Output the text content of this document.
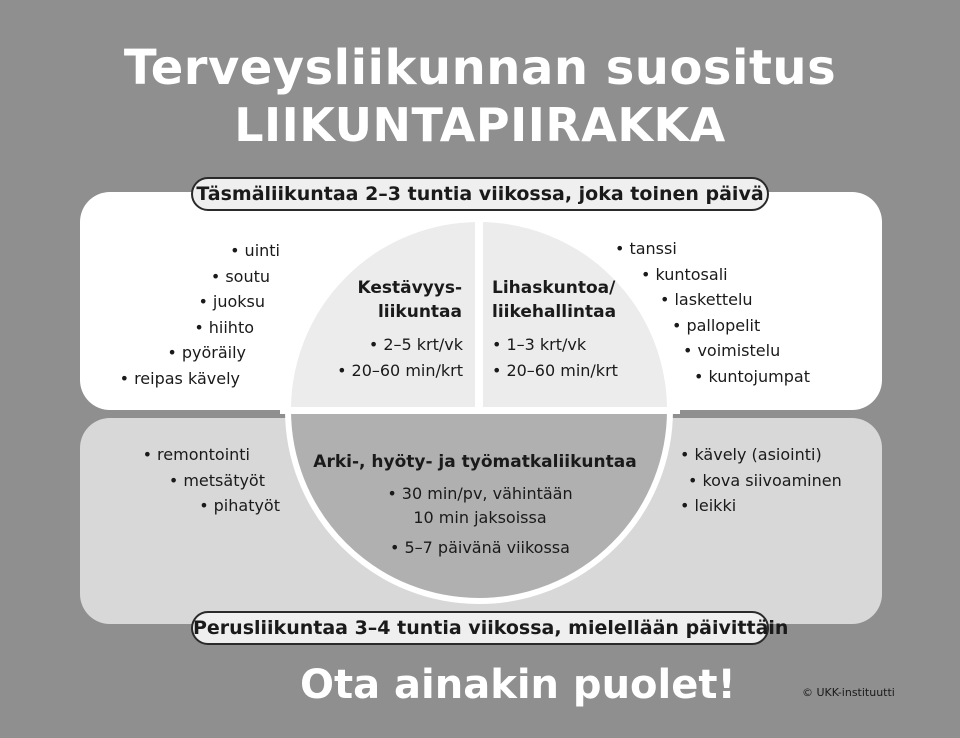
Terveysliikunnan suositus
LIIKUNTAPIIRAKKA
Täsmäliikuntaa 2–3 tuntia viikossa, joka toinen päivä
Perusliikuntaa 3–4 tuntia viikossa, mielellään päivittäin
• uinti
• soutu
• juoksu
• hiihto
• pyöräily
• reipas kävely
• tanssi
• kuntosali
• laskettelu
• pallopelit
• voimistelu
• kuntojumpat
• remontointi
• metsätyöt
• pihatyöt
• kävely (asiointi)
• kova siivoaminen
• leikki
Kestävyys-
liikuntaa
• 2–5 krt/vk
• 20–60 min/krt
Lihaskuntoa/
liikehallintaa
• 1–3 krt/vk
• 20–60 min/krt
Arki-, hyöty- ja työmatkaliikuntaa
• 30 min/pv, vähintään
10 min jaksoissa
• 5–7 päivänä viikossa
Ota ainakin puolet!	© UKK-instituutti
